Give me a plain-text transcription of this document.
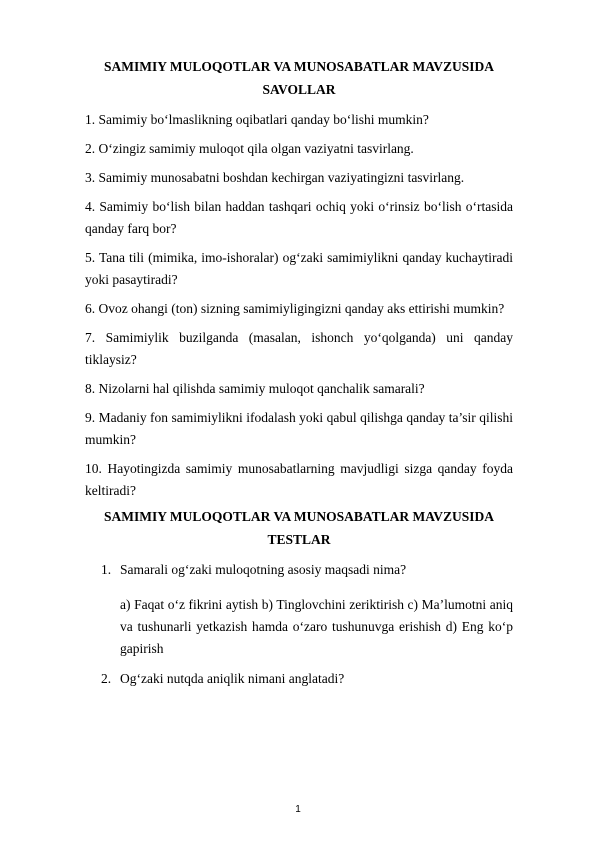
SAMIMIY MULOQOTLAR VA MUNOSABATLAR MAVZUSIDA
SAVOLLAR
1. Samimiy bo‘lmaslikning oqibatlari qanday bo‘lishi mumkin?
2. O‘zingiz samimiy muloqot qila olgan vaziyatni tasvirlang.
3. Samimiy munosabatni boshdan kechirgan vaziyatingizni tasvirlang.
4. Samimiy bo‘lish bilan haddan tashqari ochiq yoki o‘rinsiz bo‘lish o‘rtasida qanday farq bor?
5. Tana tili (mimika, imo-ishoralar) og‘zaki samimiylikni qanday kuchaytiradi yoki pasaytiradi?
6. Ovoz ohangi (ton) sizning samimiyligingizni qanday aks ettirishi mumkin?
7. Samimiylik buzilganda (masalan, ishonch yo‘qolganda) uni qanday tiklaysiz?
8. Nizolarni hal qilishda samimiy muloqot qanchalik samarali?
9. Madaniy fon samimiylikni ifodalash yoki qabul qilishga qanday ta’sir qilishi mumkin?
10. Hayotingizda samimiy munosabatlarning mavjudligi sizga qanday foyda keltiradi?
SAMIMIY MULOQOTLAR VA MUNOSABATLAR MAVZUSIDA
TESTLAR
1. Samarali og‘zaki muloqotning asosiy maqsadi nima?
a) Faqat o‘z fikrini aytish b) Tinglovchini zeriktirish c) Ma’lumotni aniq va tushunarli yetkazish hamda o‘zaro tushunuvga erishish d) Eng ko‘p gapirish
2. Og‘zaki nutqda aniqlik nimani anglatadi?
1
